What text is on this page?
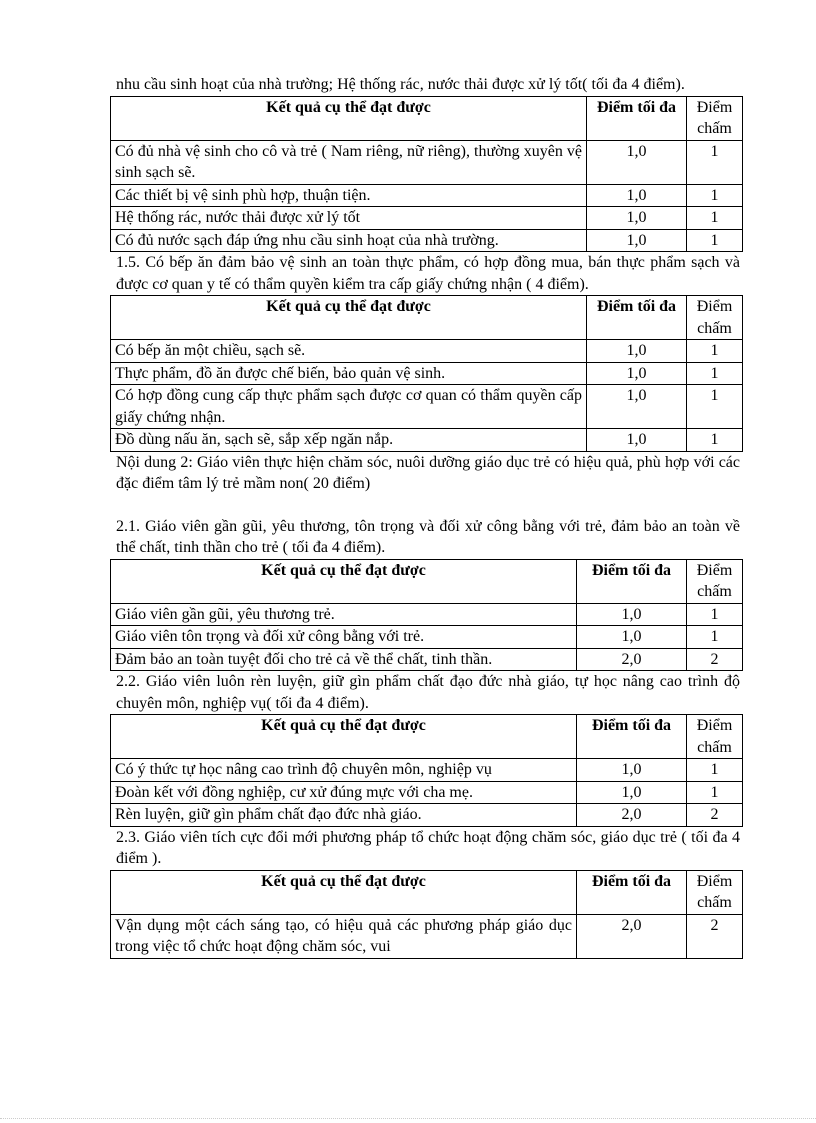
nhu cầu sinh hoạt của nhà trường; Hệ thống rác, nước thải được xử lý tốt( tối đa 4 điểm).

Kết quả cụ thể đạt được	Điểm tối đa	Điểm chấm
Có đủ nhà vệ sinh cho cô và trẻ ( Nam riêng, nữ riêng), thường xuyên vệ sinh sạch sẽ.	1,0	1
Các thiết bị vệ sinh phù hợp, thuận tiện.	1,0	1
Hệ thống rác, nước thải được xử lý tốt	1,0	1
Có đủ nước sạch đáp ứng nhu cầu sinh hoạt của nhà trường.	1,0	1

1.5. Có bếp ăn đảm bảo vệ sinh an toàn thực phẩm, có hợp đồng mua, bán thực phẩm sạch và được cơ quan y tế có thẩm quyền kiểm tra cấp giấy chứng nhận ( 4 điểm).

Kết quả cụ thể đạt được	Điểm tối đa	Điểm chấm
Có bếp ăn một chiều, sạch sẽ.	1,0	1
Thực phẩm, đồ ăn được chế biến, bảo quản vệ sinh.	1,0	1
Có hợp đồng cung cấp thực phẩm sạch được cơ quan có thẩm quyền cấp giấy chứng nhận.	1,0	1
Đồ dùng nấu ăn, sạch sẽ, sắp xếp ngăn nắp.	1,0	1

Nội dung 2: Giáo viên thực hiện chăm sóc, nuôi dưỡng giáo dục trẻ có hiệu quả, phù hợp với các đặc điểm tâm lý trẻ mầm non( 20 điểm)

2.1. Giáo viên gần gũi, yêu thương, tôn trọng và đối xử công bằng với trẻ, đảm bảo an toàn về thể chất, tinh thần cho trẻ ( tối đa 4 điểm).

Kết quả cụ thể đạt được	Điểm tối đa	Điểm chấm
Giáo viên gần gũi, yêu thương trẻ.	1,0	1
Giáo viên tôn trọng và đối xử công bằng với trẻ.	1,0	1
Đảm bảo an toàn tuyệt đối cho trẻ cả về thể chất, tinh thần.	2,0	2

2.2. Giáo viên luôn rèn luyện, giữ gìn phẩm chất đạo đức nhà giáo, tự học nâng cao trình độ chuyên môn, nghiệp vụ( tối đa 4 điểm).

Kết quả cụ thể đạt được	Điểm tối đa	Điểm chấm
Có ý thức tự học nâng cao trình độ chuyên môn, nghiệp vụ	1,0	1
Đoàn kết với đồng nghiệp, cư xử đúng mực với cha mẹ.	1,0	1
Rèn luyện, giữ gìn phẩm chất đạo đức nhà giáo.	2,0	2

2.3. Giáo viên tích cực đổi mới phương pháp tổ chức hoạt động chăm sóc, giáo dục trẻ ( tối đa 4 điểm ).

Kết quả cụ thể đạt được	Điểm tối đa	Điểm chấm
Vận dụng một cách sáng tạo, có hiệu quả các phương pháp giáo dục trong việc tổ chức hoạt động chăm sóc, vui	2,0	2
